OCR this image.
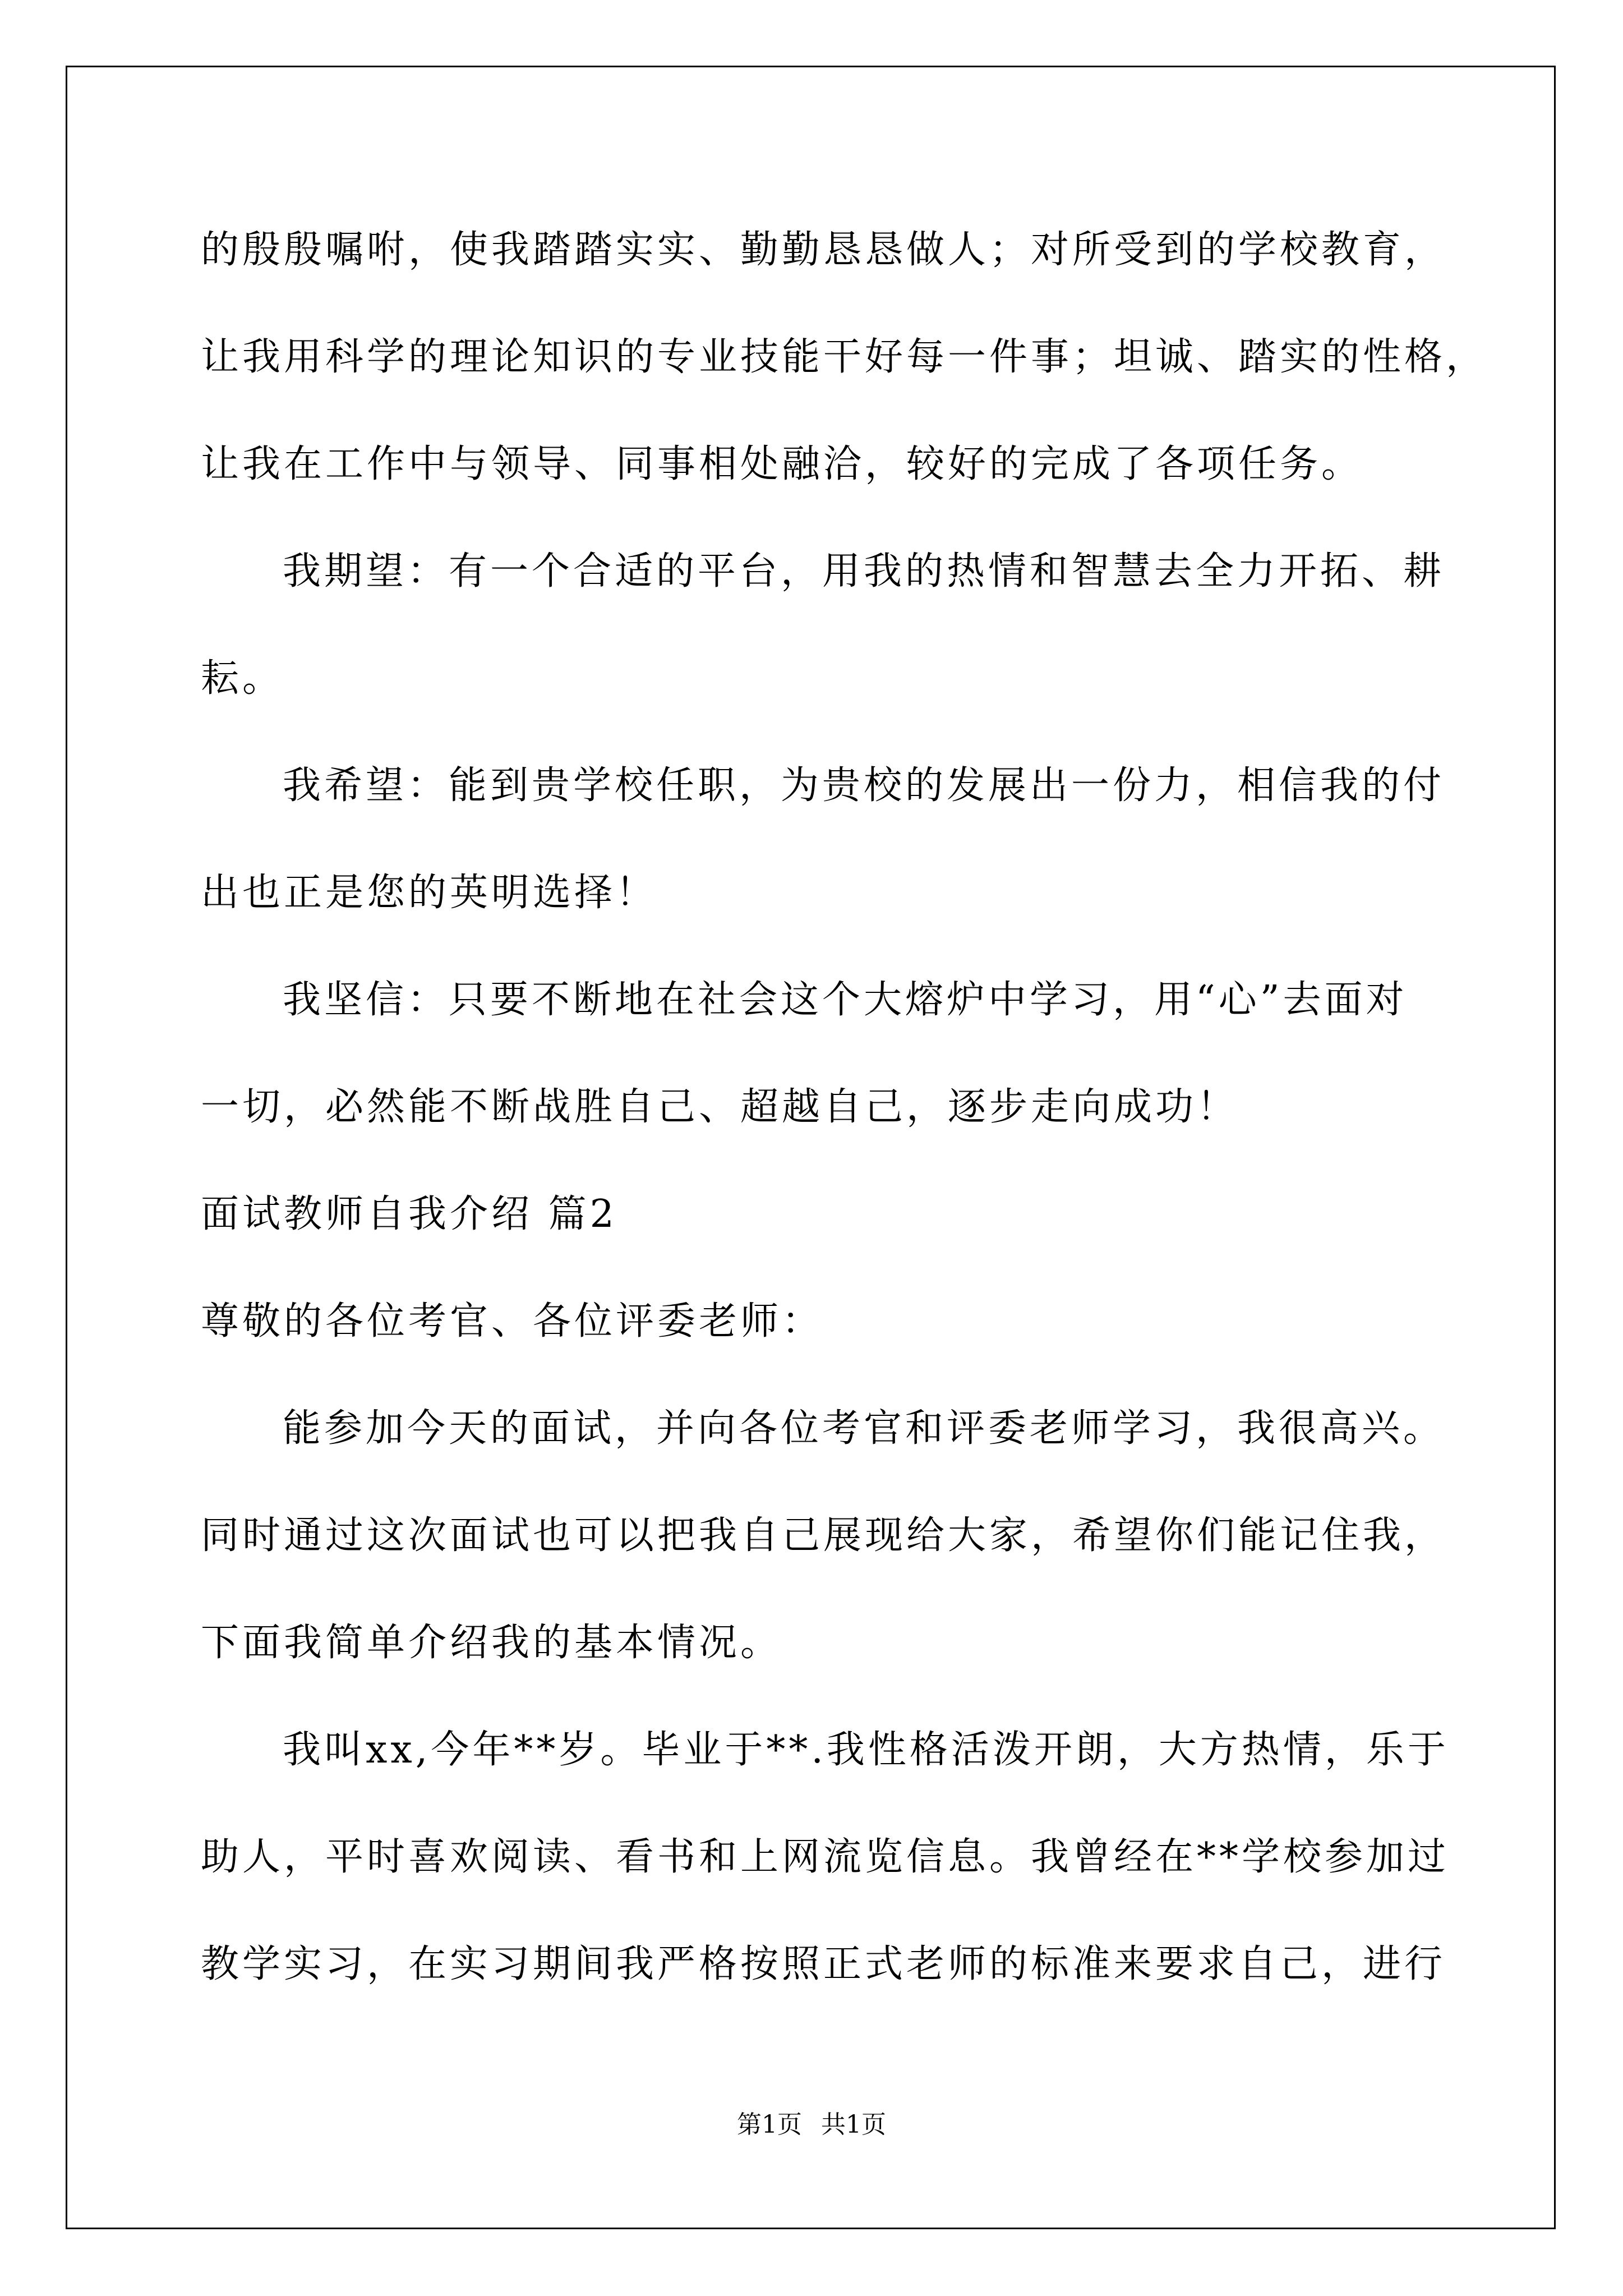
的殷殷嘱咐，使我踏踏实实、勤勤恳恳做人；对所受到的学校教育，
让我用科学的理论知识的专业技能干好每一件事；坦诚、踏实的性格，
让我在工作中与领导、同事相处融洽，较好的完成了各项任务。
我期望：有一个合适的平台，用我的热情和智慧去全力开拓、耕
耘。
我希望：能到贵学校任职，为贵校的发展出一份力，相信我的付
出也正是您的英明选择！
我坚信：只要不断地在社会这个大熔炉中学习，用“心”去面对
一切，必然能不断战胜自己、超越自己，逐步走向成功！
面试教师自我介绍 篇2
尊敬的各位考官、各位评委老师：
能参加今天的面试，并向各位考官和评委老师学习，我很高兴。
同时通过这次面试也可以把我自己展现给大家，希望你们能记住我，
下面我简单介绍我的基本情况。
我叫xx,今年**岁。毕业于**.我性格活泼开朗，大方热情，乐于
助人，平时喜欢阅读、看书和上网流览信息。我曾经在**学校参加过
教学实习，在实习期间我严格按照正式老师的标准来要求自己，进行
第1页 共1页
